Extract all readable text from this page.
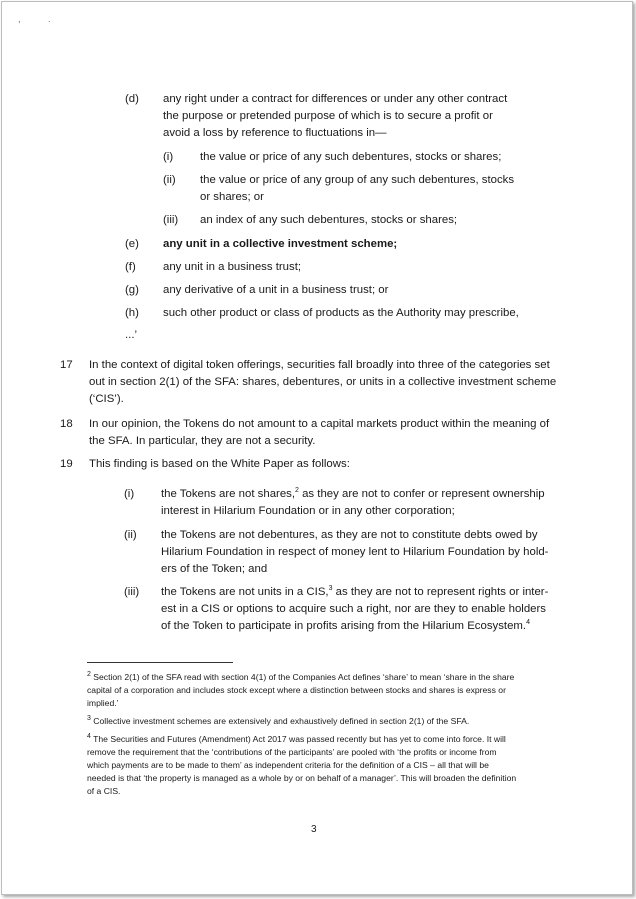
,	.
(d) any right under a contract for differences or under any other contract
the purpose or pretended purpose of which is to secure a profit or
avoid a loss by reference to fluctuations in—
(i) the value or price of any such debentures, stocks or shares;
(ii) the value or price of any group of any such debentures, stocks
or shares; or
(iii) an index of any such debentures, stocks or shares;
(e) any unit in a collective investment scheme;
(f) any unit in a business trust;
(g) any derivative of a unit in a business trust; or
(h) such other product or class of products as the Authority may prescribe,
...’
17 In the context of digital token offerings, securities fall broadly into three of the categories set
out in section 2(1) of the SFA: shares, debentures, or units in a collective investment scheme
(‘CIS’).
18 In our opinion, the Tokens do not amount to a capital markets product within the meaning of
the SFA. In particular, they are not a security.
19 This finding is based on the White Paper as follows:
(i) the Tokens are not shares,$^2$ as they are not to confer or represent ownership
interest in Hilarium Foundation or in any other corporation;
(ii) the Tokens are not debentures, as they are not to constitute debts owed by
Hilarium Foundation in respect of money lent to Hilarium Foundation by hold-
ers of the Token; and
(iii) the Tokens are not units in a CIS,$^3$ as they are not to represent rights or inter-
est in a CIS or options to acquire such a right, nor are they to enable holders
of the Token to participate in profits arising from the Hilarium Ecosystem.$^4$
$^2$ Section 2(1) of the SFA read with section 4(1) of the Companies Act defines ‘share’ to mean ‘share in the share
capital of a corporation and includes stock except where a distinction between stocks and shares is express or
implied.’
$^3$ Collective investment schemes are extensively and exhaustively defined in section 2(1) of the SFA.
$^4$ The Securities and Futures (Amendment) Act 2017 was passed recently but has yet to come into force. It will
remove the requirement that the ‘contributions of the participants’ are pooled with ‘the profits or income from
which payments are to be made to them’ as independent criteria for the definition of a CIS – all that will be
needed is that ‘the property is managed as a whole by or on behalf of a manager’. This will broaden the definition
of a CIS.
3
